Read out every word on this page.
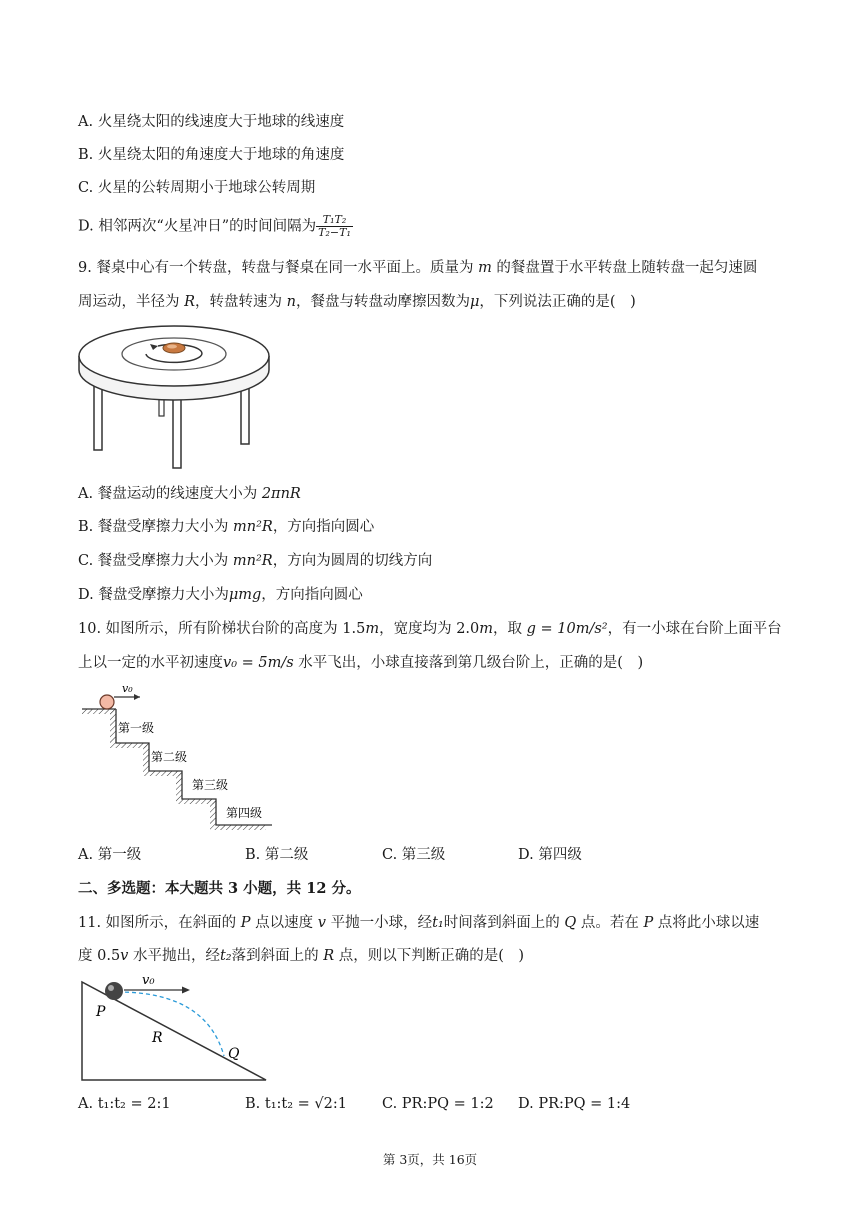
A. 火星绕太阳的线速度大于地球的线速度
B. 火星绕太阳的角速度大于地球的角速度
C. 火星的公转周期小于地球公转周期
D. 相邻两次“火星冲日”的时间间隔为 $\frac{\text{T₁T₂}}{\text{T₂−T₁}}$
9. 餐桌中心有一个转盘，转盘与餐桌在同一水平面上。质量为 m 的餐盘置于水平转盘上随转盘一起匀速圆
周运动，半径为 R，转盘转速为 n，餐盘与转盘动摩擦因数为μ，下列说法正确的是(　)
A. 餐盘运动的线速度大小为 2πnR
B. 餐盘受摩擦力大小为 mn²R，方向指向圆心
C. 餐盘受摩擦力大小为 mn²R，方向为圆周的切线方向
D. 餐盘受摩擦力大小为μmg，方向指向圆心
10. 如图所示，所有阶梯状台阶的高度为 1.5m，宽度均为 2.0m，取 g = 10m/s²，有一小球在台阶上面平台
上以一定的水平初速度v₀ = 5m/s 水平飞出，小球直接落到第几级台阶上，正确的是(　)
v₀
第一级
第二级
第三级
第四级
A. 第一级	B. 第二级	C. 第三级	D. 第四级
二、多选题：本大题共 3 小题，共 12 分。
11. 如图所示，在斜面的 P 点以速度 v 平抛一小球，经t₁时间落到斜面上的 Q 点。若在 P 点将此小球以速
度 0.5v 水平抛出，经t₂落到斜面上的 R 点，则以下判断正确的是(　)
v₀
P
R
Q
A. t₁:t₂ = 2:1	B. t₁:t₂ = √2:1 C. PR:PQ = 1:2 D. PR:PQ = 1:4
第 3页，共 16页
